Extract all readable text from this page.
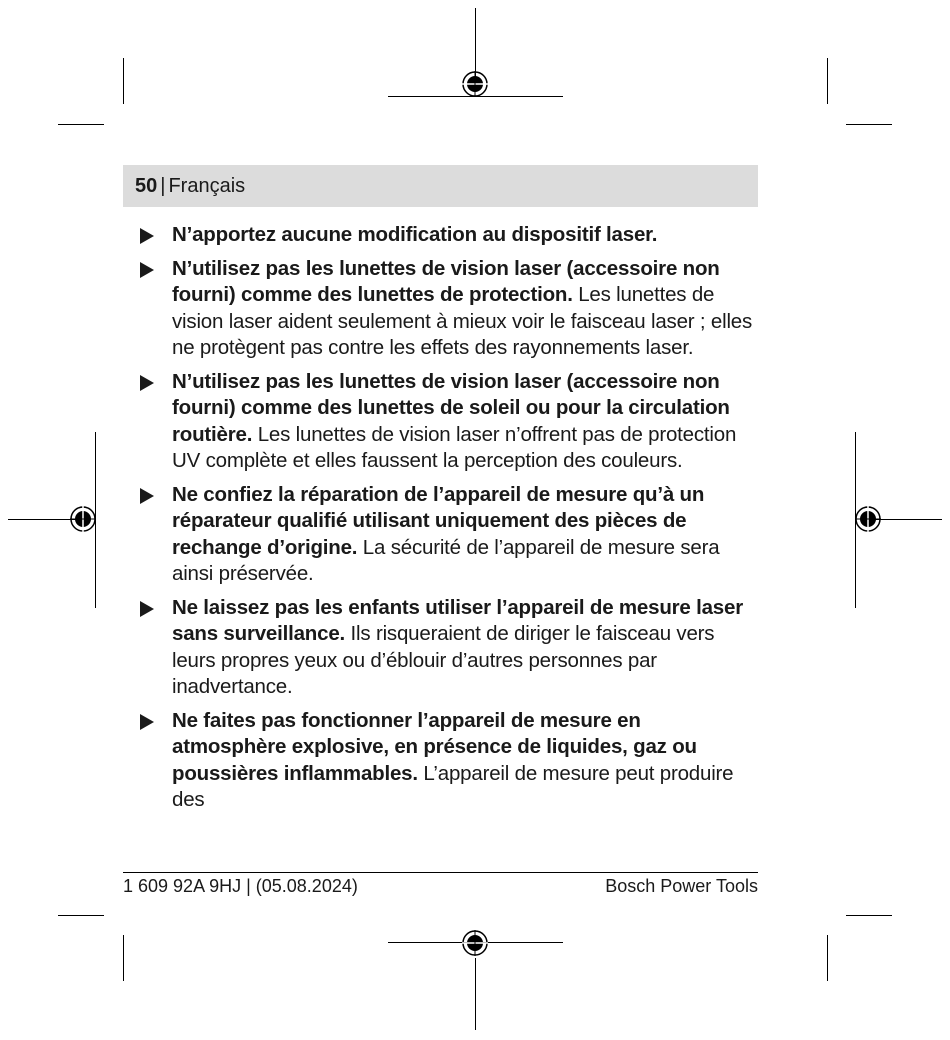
50 | Français
N’apportez aucune modification au dispositif laser.
N’utilisez pas les lunettes de vision laser (accessoire non fourni) comme des lunettes de protection. Les lunettes de vision laser aident seulement à mieux voir le faisceau laser ; elles ne protègent pas contre les effets des rayonnements laser.
N’utilisez pas les lunettes de vision laser (accessoire non fourni) comme des lunettes de soleil ou pour la circulation routière. Les lunettes de vision laser n’offrent pas de protection UV complète et elles faussent la perception des couleurs.
Ne confiez la réparation de l’appareil de mesure qu’à un réparateur qualifié utilisant uniquement des pièces de rechange d’origine. La sécurité de l’appareil de mesure sera ainsi préservée.
Ne laissez pas les enfants utiliser l’appareil de mesure laser sans surveillance. Ils risqueraient de diriger le faisceau vers leurs propres yeux ou d’éblouir d’autres personnes par inadvertance.
Ne faites pas fonctionner l’appareil de mesure en atmosphère explosive, en présence de liquides, gaz ou poussières inflammables. L’appareil de mesure peut produire des
1 609 92A 9HJ | (05.08.2024)	Bosch Power Tools
